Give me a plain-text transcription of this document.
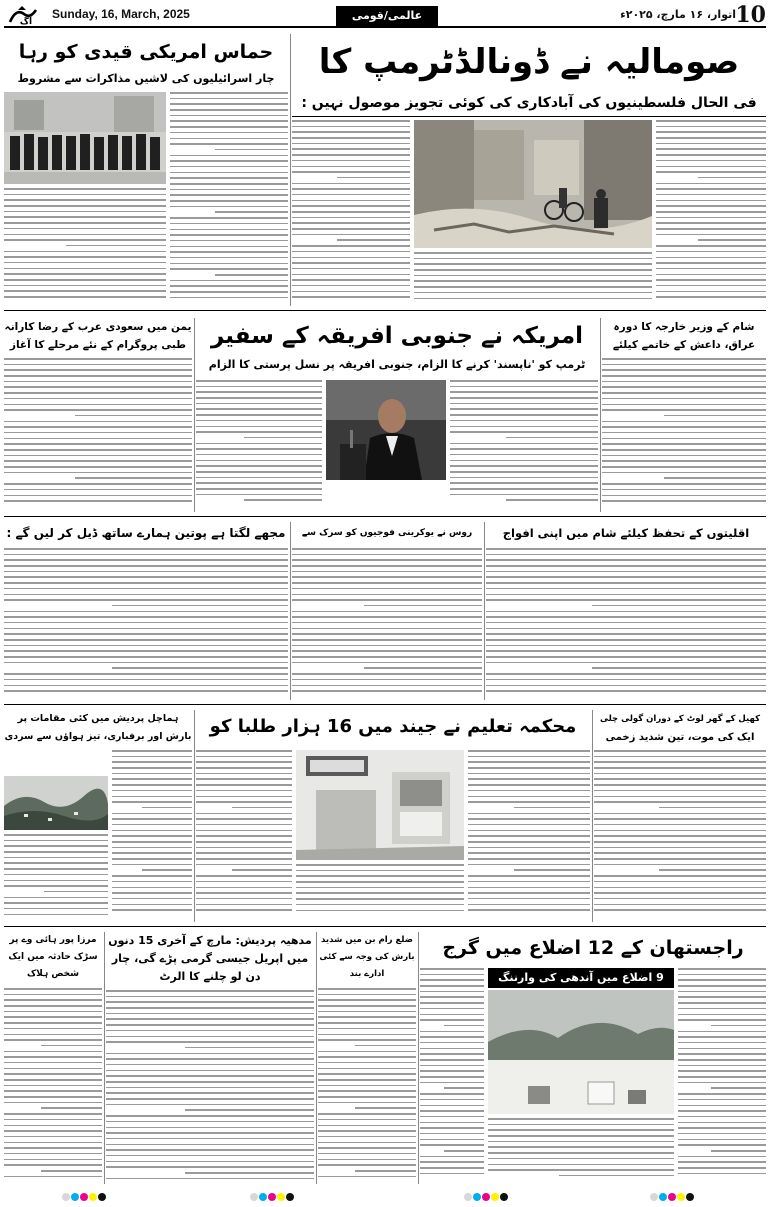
آگ
Sunday, 16, March, 2025	عالمی/قومی خبریں
اتوار، ۱۶ مارچ، ۲۰۲۵ء 10
صومالیہ نے ڈونالڈٹرمپ کا
فی الحال فلسطینیوں کی آبادکاری کی کوئی تجویز موصول نہیں :
حماس امریکی قیدی کو رہا
چار اسرائیلیوں کی لاشیں مذاکرات سے مشروط
امریکہ نے جنوبی افریقہ کے سفیر
ٹرمپ کو 'ناپسند' کرنے کا الزام، جنوبی افریقہ پر نسل پرستی کا الزام
شام کے وزیر خارجہ کا دورہ عراق، داعش کے خاتمے کیلئے
یمن میں سعودی عرب کے رضا کارانہ طبی پروگرام کے نئے مرحلے کا آغاز
اقلیتوں کے تحفظ کیلئے شام میں اپنی افواج
روس نے یوکرینی فوجیوں کو سرک سے
مجھے لگتا ہے پوتین ہمارے ساتھ ڈیل کر لیں گے :
کھیل کے گھر لوٹ کے دوران گولی چلی
ایک کی موت، تین شدید زخمی
محکمہ تعلیم نے جیند میں 16 ہزار طلبا کو
ہماچل پردیش میں کئی مقامات پر بارش اور برفباری، تیز ہواؤں سے سردی
راجستھان کے 12 اضلاع میں گرج
9 اضلاع میں آندھی کی وارننگ
ضلع رام بن میں شدید بارش کی وجہ سے کئی ادارے بند
مدھیہ پردیش: مارچ کے آخری 15 دنوں میں اپریل جیسی گرمی پڑے گی، چار دن لو چلنے کا الرٹ
مرزا پور ہائی وے پر سڑک حادثہ میں ایک شخص ہلاک
